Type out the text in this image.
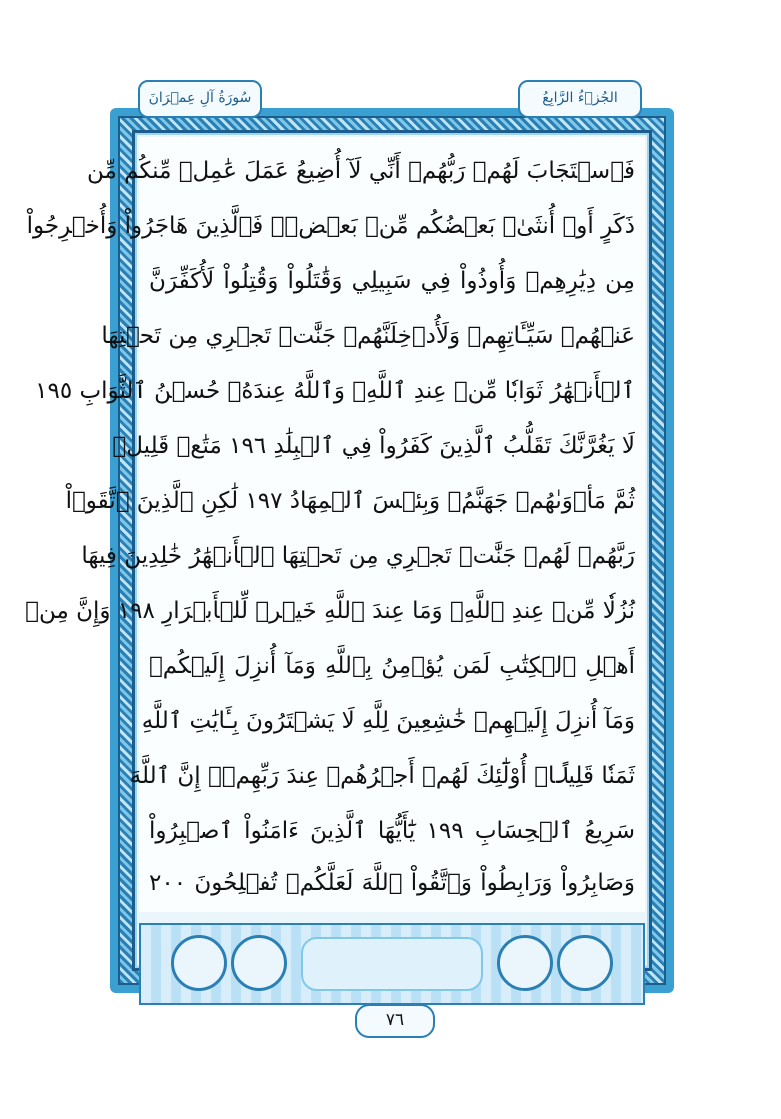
فَٱسۡتَجَابَ لَهُمۡ رَبُّهُمۡ أَنِّي لَآ أُضِيعُ عَمَلَ عَٰمِلٖ مِّنكُم مِّن
ذَكَرٍ أَوۡ أُنثَىٰۖ بَعۡضُكُم مِّنۢ بَعۡضٖۖ فَٱلَّذِينَ هَاجَرُواْ وَأُخۡرِجُواْ
مِن دِيَٰرِهِمۡ وَأُوذُواْ فِي سَبِيلِي وَقَٰتَلُواْ وَقُتِلُواْ لَأُكَفِّرَنَّ
عَنۡهُمۡ سَيِّـَٔاتِهِمۡ وَلَأُدۡخِلَنَّهُمۡ جَنَّٰتٖ تَجۡرِي مِن تَحۡتِهَا
ٱلۡأَنۡهَٰرُ ثَوَابٗا مِّنۡ عِندِ ٱللَّهِۚ وَٱللَّهُ عِندَهُۥ حُسۡنُ ٱلثَّوَابِ ١٩٥
لَا يَغُرَّنَّكَ تَقَلُّبُ ٱلَّذِينَ كَفَرُواْ فِي ٱلۡبِلَٰدِ ١٩٦ مَتَٰعٞ قَلِيلٞ
ثُمَّ مَأۡوَىٰهُمۡ جَهَنَّمُۖ وَبِئۡسَ ٱلۡمِهَادُ ١٩٧ لَٰكِنِ ٱلَّذِينَ ٱتَّقَوۡاْ
رَبَّهُمۡ لَهُمۡ جَنَّٰتٞ تَجۡرِي مِن تَحۡتِهَا ٱلۡأَنۡهَٰرُ خَٰلِدِينَ فِيهَا
نُزُلٗا مِّنۡ عِندِ ٱللَّهِۗ وَمَا عِندَ ٱللَّهِ خَيۡرٞ لِّلۡأَبۡرَارِ ١٩٨ وَإِنَّ مِنۡ
أَهۡلِ ٱلۡكِتَٰبِ لَمَن يُؤۡمِنُ بِٱللَّهِ وَمَآ أُنزِلَ إِلَيۡكُمۡ
وَمَآ أُنزِلَ إِلَيۡهِمۡ خَٰشِعِينَ لِلَّهِ لَا يَشۡتَرُونَ بِـَٔايَٰتِ ٱللَّهِ
ثَمَنٗا قَلِيلًاۚ أُوْلَٰٓئِكَ لَهُمۡ أَجۡرُهُمۡ عِندَ رَبِّهِمۡۗ إِنَّ ٱللَّهَ
سَرِيعُ ٱلۡحِسَابِ ١٩٩ يَٰٓأَيُّهَا ٱلَّذِينَ ءَامَنُواْ ٱصۡبِرُواْ
وَصَابِرُواْ وَرَابِطُواْ وَٱتَّقُواْ ٱللَّهَ لَعَلَّكُمۡ تُفۡلِحُونَ ٢٠٠
سُورَةُ آلِ عِمۡرَانَ	الجُزۡءُ الرَّابِعُ
٧٦
